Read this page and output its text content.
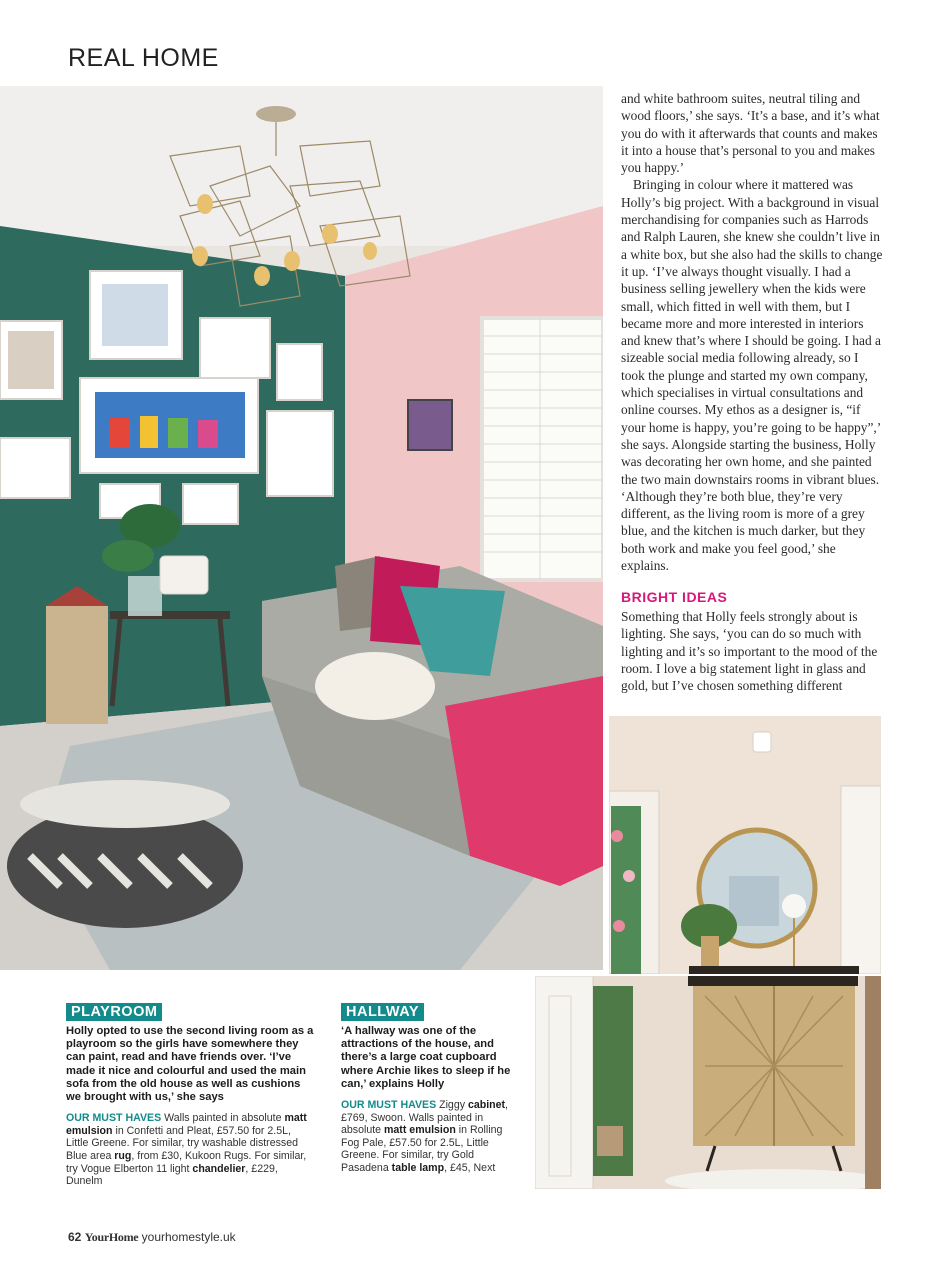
REAL HOME

and white bathroom suites, neutral tiling and wood floors,’ she says. ‘It’s a base, and it’s what you do with it afterwards that counts and makes it into a house that’s personal to you and makes you happy.’

Bringing in colour where it mattered was Holly’s big project. With a background in visual merchandising for companies such as Harrods and Ralph Lauren, she knew she couldn’t live in a white box, but she also had the skills to change it up. ‘I’ve always thought visually. I had a business selling jewellery when the kids were small, which fitted in well with them, but I became more and more interested in interiors and knew that’s where I should be going. I had a sizeable social media following already, so I took the plunge and started my own company, which specialises in virtual consultations and online courses. My ethos as a designer is, “if your home is happy, you’re going to be happy”,’ she says. Alongside starting the business, Holly was decorating her own home, and she painted the two main downstairs rooms in vibrant blues. ‘Although they’re both blue, they’re very different, as the living room is more of a grey blue, and the kitchen is much darker, but they both work and make you feel good,’ she explains.

BRIGHT IDEAS
Something that Holly feels strongly about is lighting. She says, ‘you can do so much with lighting and it’s so important to the mood of the room. I love a big statement light in glass and gold, but I’ve chosen something different
PLAYROOM
Holly opted to use the second living room as a playroom so the girls have somewhere they can paint, read and have friends over. ‘I’ve made it nice and colourful and used the main sofa from the old house as well as cushions we brought with us,’ she says
OUR MUST HAVES Walls painted in absolute matt emulsion in Confetti and Pleat, £57.50 for 2.5L, Little Greene. For similar, try washable distressed Blue area rug, from £30, Kukoon Rugs. For similar, try Vogue Elberton 11 light chandelier, £229, Dunelm
HALLWAY
‘A hallway was one of the attractions of the house, and there’s a large coat cupboard where Archie likes to sleep if he can,’ explains Holly
OUR MUST HAVES Ziggy cabinet, £769, Swoon. Walls painted in absolute matt emulsion in Rolling Fog Pale, £57.50 for 2.5L, Little Greene. For similar, try Gold Pasadena table lamp, £45, Next
62 YourHome yourhomestyle.uk
